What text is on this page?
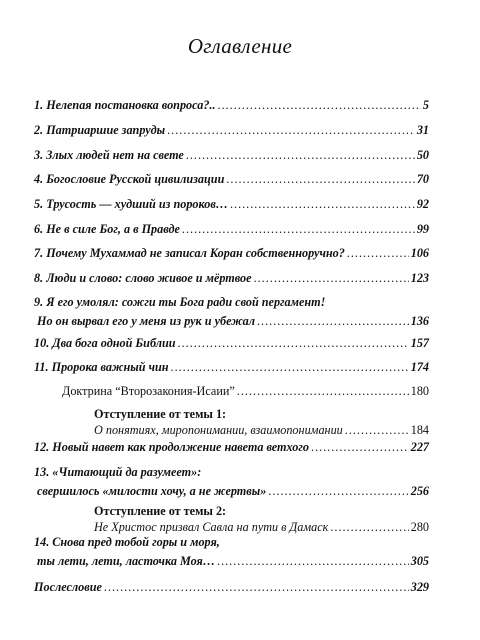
Оглавление
1. Нелепая постановка вопроса?.. .....	5
2. Патриаршие запруды .....	31
3. Злых людей нет на свете .....	50
4. Богословие Русской цивилизации .....	70
5. Трусость — худший из пороков… .....	92
6. Не в силе Бог, а в Правде .....	99
7. Почему Мухаммад не записал Коран собственноручно? .....	106
8. Люди и слово: слово живое и мёртвое .....	123
9. Я его умолял: сожги ты Бога ради свой пергамент!
Но он вырвал его у меня из рук и убежал .....	136
10. Два бога одной Библии .....	157
11. Пророка важный чин .....	174
Доктрина “Второзакония-Исаии” .....	180
Отступление от темы 1:
О понятиях, миропонимании, взаимопонимании .....	184
12. Новый навет как продолжение навета ветхого .....	227
13. «Читающий да разумеет»:
свершилось «милости хочу, а не жертвы» .....	256
Отступление от темы 2:
Не Христос призвал Савла на пути в Дамаск .....	280
14. Снова пред тобой горы и моря,
ты лети, лети, ласточка Моя… .....	305
Послесловие .....	329
